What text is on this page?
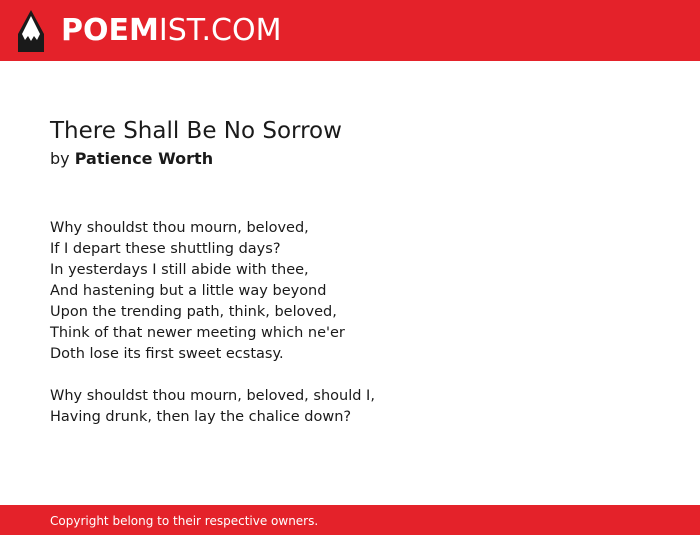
POEMIST.COM
There Shall Be No Sorrow
by Patience Worth
Why shouldst thou mourn, beloved,
If I depart these shuttling days?
In yesterdays I still abide with thee,
And hastening but a little way beyond
Upon the trending path, think, beloved,
Think of that newer meeting which ne'er
Doth lose its first sweet ecstasy.
Why shouldst thou mourn, beloved, should I,
Having drunk, then lay the chalice down?
Copyright belong to their respective owners.
